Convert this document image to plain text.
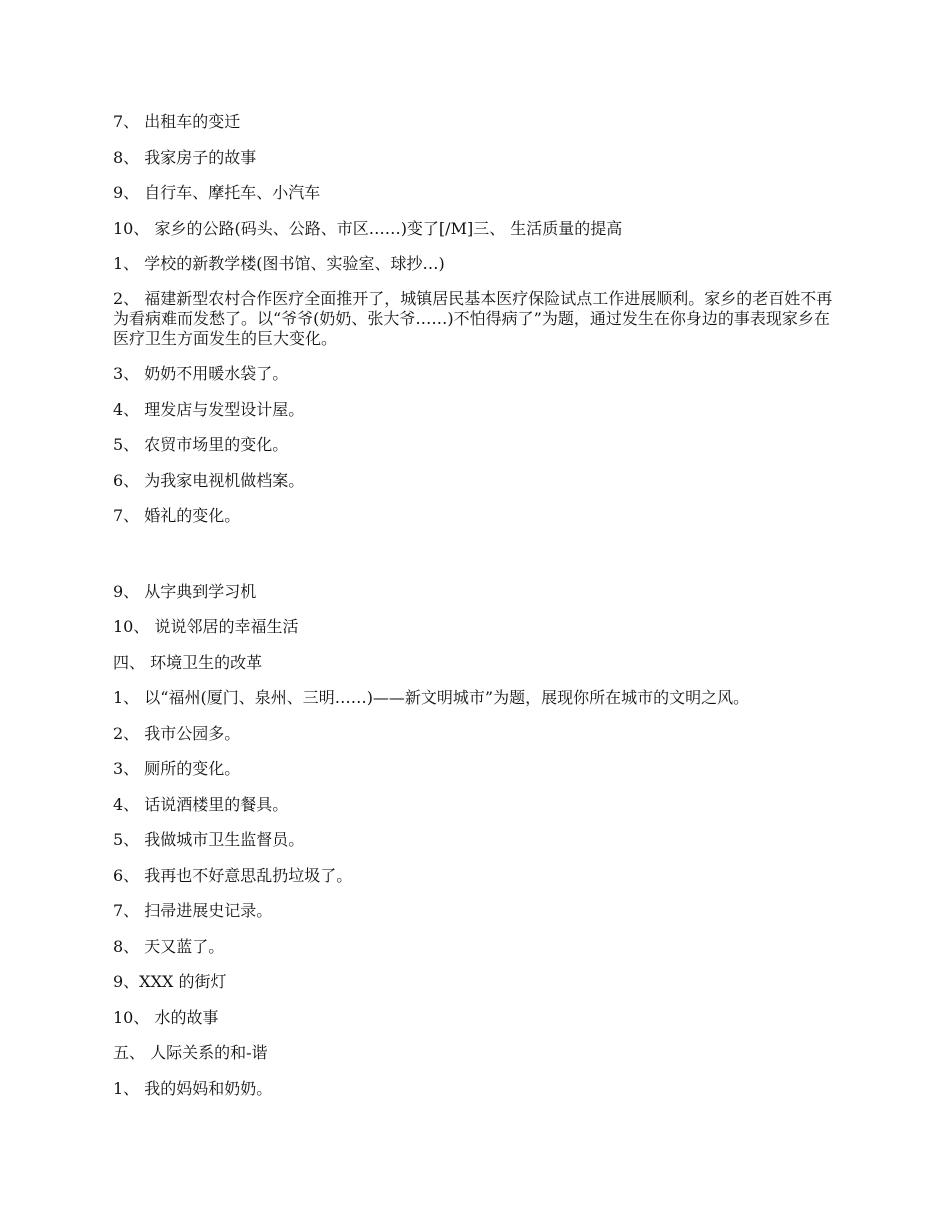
7、 出租车的变迁

8、 我家房子的故事

9、 自行车、摩托车、小汽车

10、 家乡的公路(码头、公路、市区……)变了[/M]三、 生活质量的提高

1、 学校的新教学楼(图书馆、实验室、球抄…)

2、 福建新型农村合作医疗全面推开了，城镇居民基本医疗保险试点工作进展顺利。家乡的老百姓不再为看病难而发愁了。以“爷爷(奶奶、张大爷……)不怕得病了”为题，通过发生在你身边的事表现家乡在医疗卫生方面发生的巨大变化。

3、 奶奶不用暖水袋了。

4、 理发店与发型设计屋。

5、 农贸市场里的变化。

6、 为我家电视机做档案。

7、 婚礼的变化。

9、 从字典到学习机

10、 说说邻居的幸福生活

四、 环境卫生的改革

1、 以“福州(厦门、泉州、三明……)——新文明城市”为题，展现你所在城市的文明之风。

2、 我市公园多。

3、 厕所的变化。

4、 话说酒楼里的餐具。

5、 我做城市卫生监督员。

6、 我再也不好意思乱扔垃圾了。

7、 扫帚进展史记录。

8、 天又蓝了。

9、XXX 的街灯

10、 水的故事

五、 人际关系的和-谐

1、 我的妈妈和奶奶。
